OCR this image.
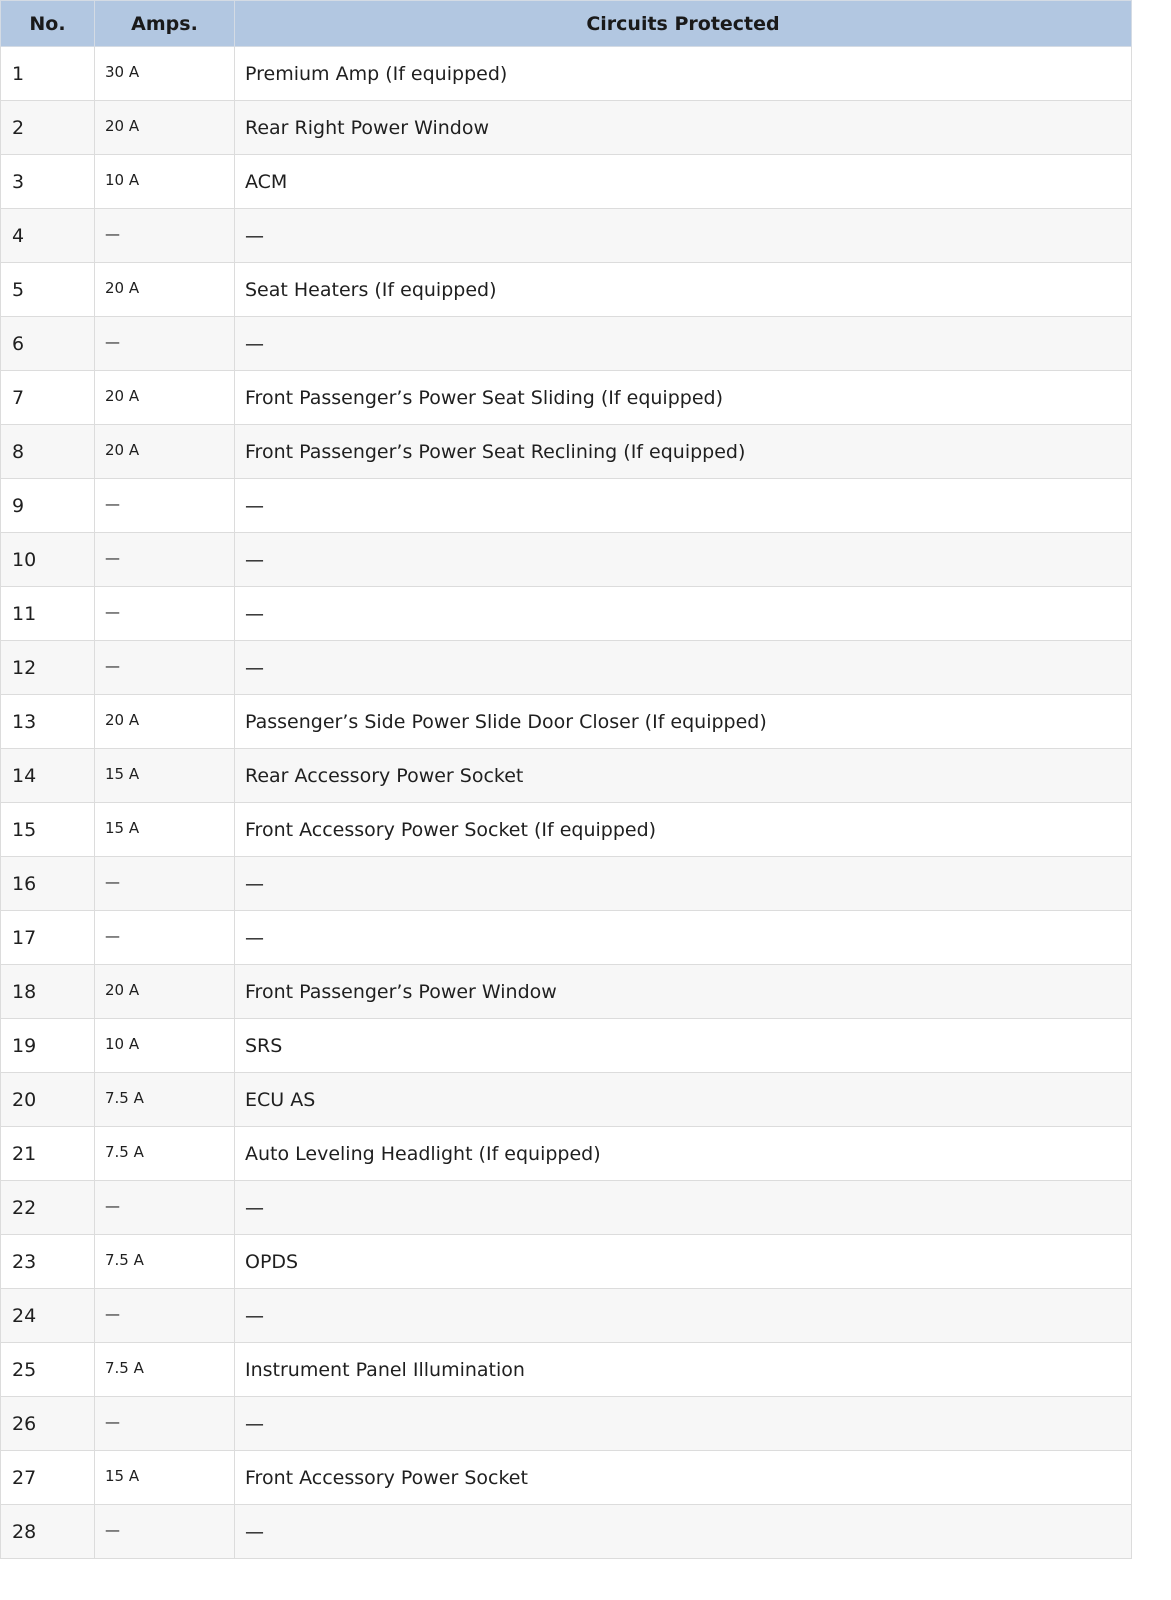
No.	Amps.	Circuits Protected
1	30 A	Premium Amp (If equipped)
2	20 A	Rear Right Power Window
3	10 A	ACM
4	—	—
5	20 A	Seat Heaters (If equipped)
6	—	—
7	20 A	Front Passenger’s Power Seat Sliding (If equipped)
8	20 A	Front Passenger’s Power Seat Reclining (If equipped)
9	—	—
10	—	—
11	—	—
12	—	—
13	20 A	Passenger’s Side Power Slide Door Closer (If equipped)
14	15 A	Rear Accessory Power Socket
15	15 A	Front Accessory Power Socket (If equipped)
16	—	—
17	—	—
18	20 A	Front Passenger’s Power Window
19	10 A	SRS
20	7.5 A	ECU AS
21	7.5 A	Auto Leveling Headlight (If equipped)
22	—	—
23	7.5 A	OPDS
24	—	—
25	7.5 A	Instrument Panel Illumination
26	—	—
27	15 A	Front Accessory Power Socket
28	—	—
